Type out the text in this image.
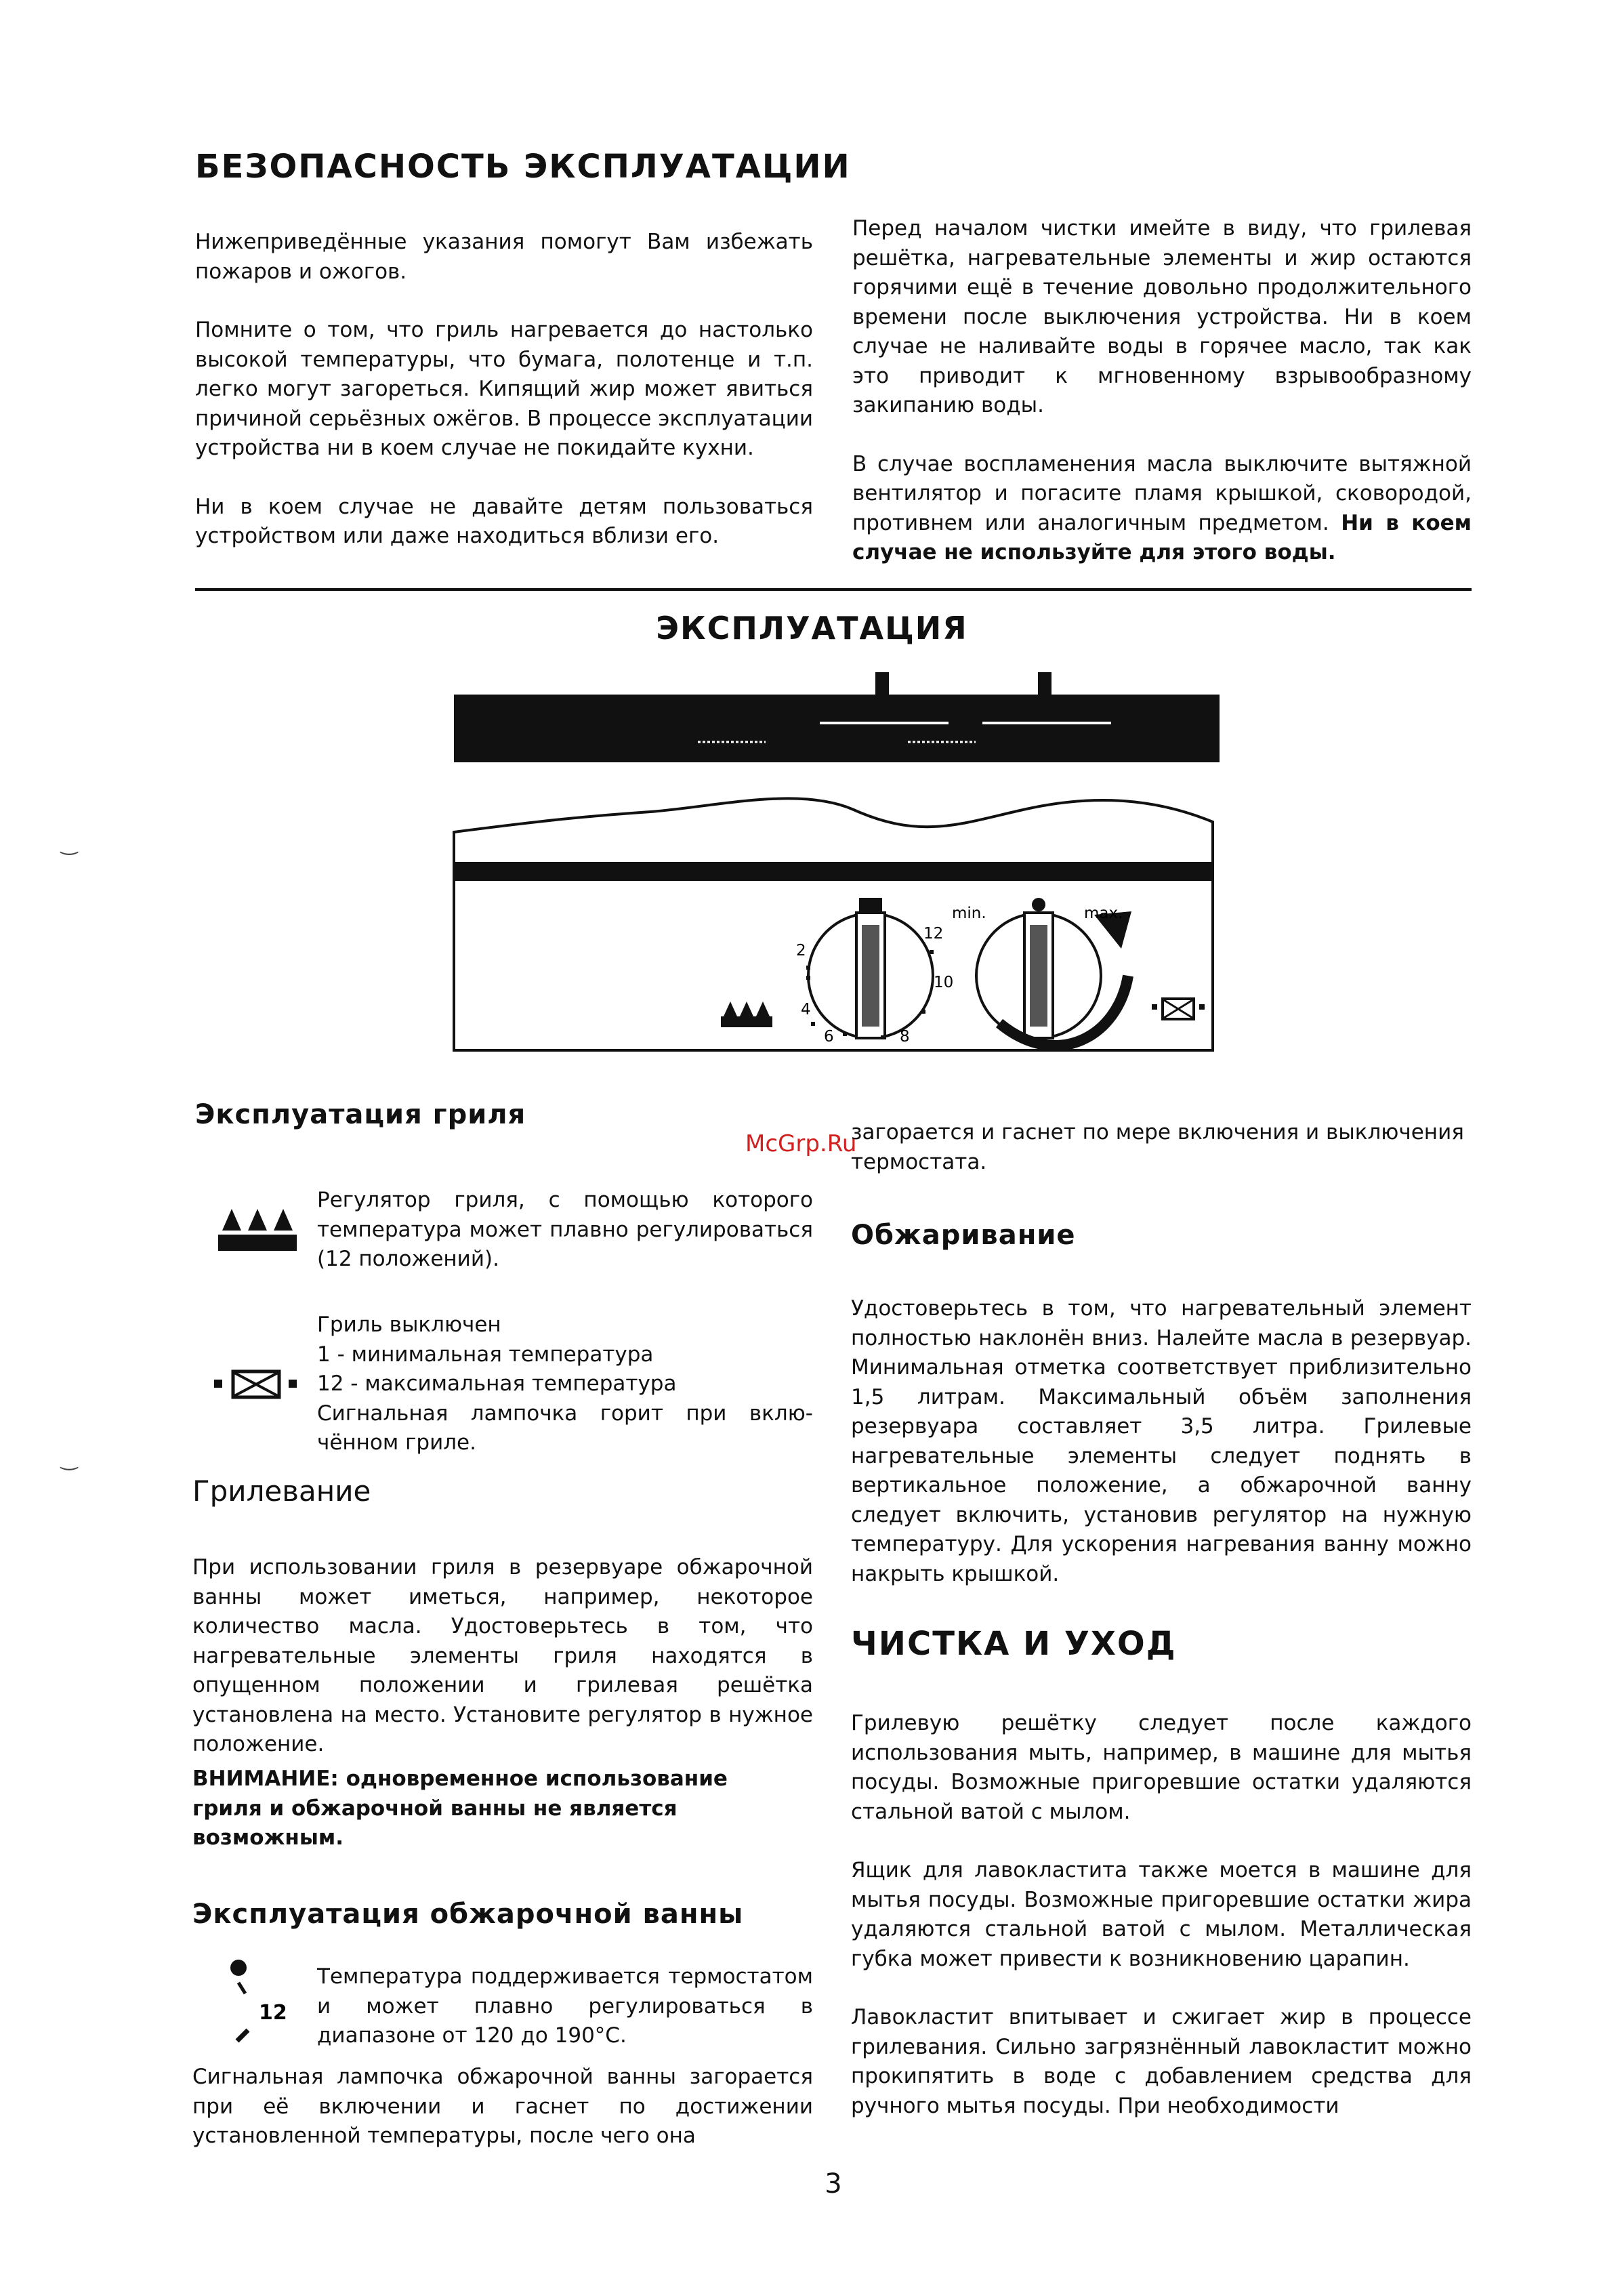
БЕЗОПАСНОСТЬ ЭКСПЛУАТАЦИИ

Нижеприведённые указания помогут Вам избежать пожаров и ожогов.

Помните о том, что гриль нагревается до настолько высокой температуры, что бумага, полотенце и т.п. легко могут загореться. Кипящий жир может явиться причиной серьёзных ожёгов. В процессе эксплуатации устройства ни в коем случае не покидайте кухни.

Ни в коем случае не давайте детям пользоваться устройством или даже находиться вблизи его.

Перед началом чистки имейте в виду, что грилевая решётка, нагревательные элементы и жир остаются горячими ещё в течение довольно продолжительного времени после выключения устройства. Ни в коем случае не наливайте воды в горячее масло, так как это приводит к мгновенному взрывообразному закипанию воды.

В случае воспламенения масла выключите вытяжной вентилятор и погасите пламя крышкой, сковородой, противнем или аналогичным предметом. Ни в коем случае не используйте для этого воды.

ЭКСПЛУАТАЦИЯ
min.	max.
12
10
2
4
6	8
McGrp.Ru
Эксплуатация гриля

Регулятор гриля, с помощью которого температура может плавно регулироваться (12 положений).

Гриль выключен

1 - минимальная температура

12 - максимальная температура

Сигнальная лампочка горит при вклю-чённом гриле.

Грилевание

При использовании гриля в резервуаре обжарочной ванны может иметься, например, некоторое количество масла. Удостоверьтесь в том, что нагревательные элементы гриля находятся в опущенном положении и грилевая решётка установлена на место. Установите регулятор в нужное положение.

ВНИМАНИЕ: одновременное использование гриля и обжарочной ванны не является возможным.

Эксплуатация обжарочной ванны
12

Температура поддерживается термостатом и может плавно регулироваться в диапазоне от 120 до 190°С.

Сигнальная лампочка обжарочной ванны загорается при её включении и гаснет по достижении установленной температуры, после чего она

загорается и гаснет по мере включения и выключения термостата.

Обжаривание

Удостоверьтесь в том, что нагревательный элемент полностью наклонён вниз. Налейте масла в резервуар. Минимальная отметка соответствует приблизительно 1,5 литрам. Максимальный объём заполнения резервуара составляет 3,5 литра. Грилевые нагревательные элементы следует поднять в вертикальное положение, а обжарочной ванну следует включить, установив регулятор на нужную температуру. Для ускорения нагревания ванну можно накрыть крышкой.

ЧИСТКА И УХОД

Грилевую решётку следует после каждого использования мыть, например, в машине для мытья посуды. Возможные пригоревшие остатки удаляются стальной ватой с мылом.

Ящик для лавокластита также моется в машине для мытья посуды. Возможные пригоревшие остатки жира удаляются стальной ватой с мылом. Металлическая губка может привести к возникновению царапин.

Лавокластит впитывает и сжигает жир в процессе грилевания. Сильно загрязнённый лавокластит можно прокипятить в воде с добавлением средства для ручного мытья посуды. При необходимости

‿
‿
3
